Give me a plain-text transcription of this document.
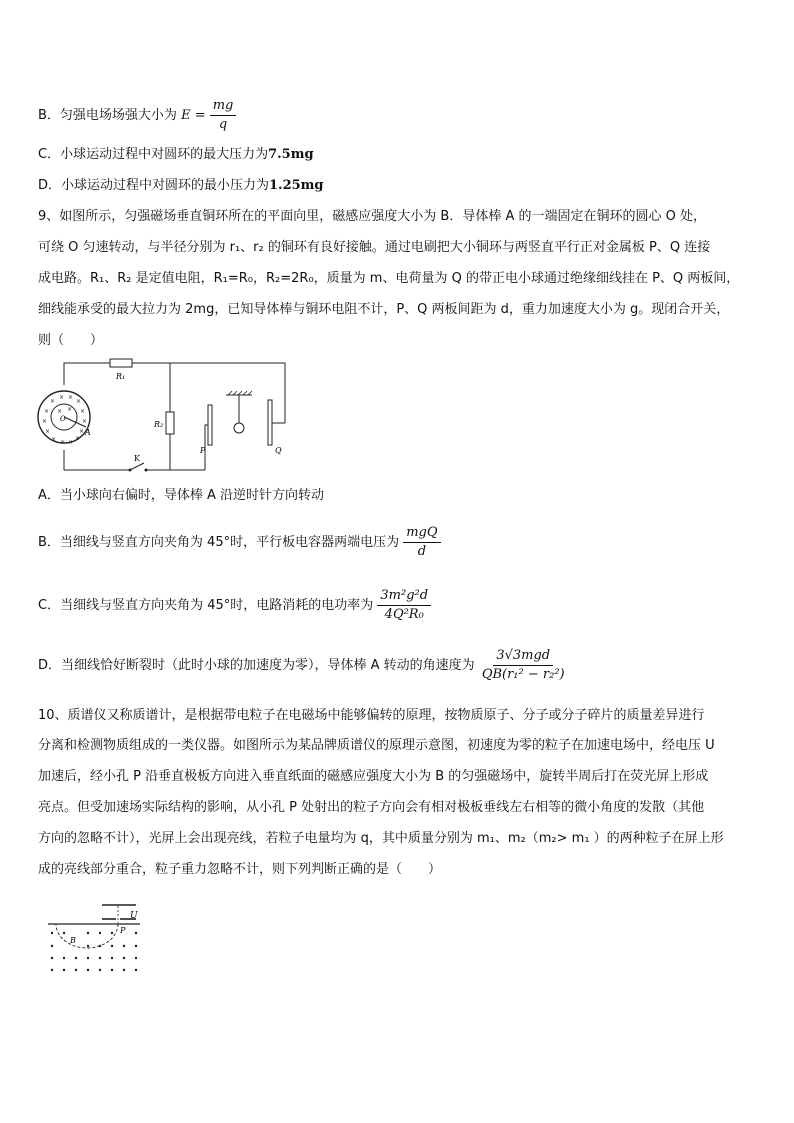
B．匀强电场场强大小为 $E = \frac{mg}{q}$
C．小球运动过程中对圆环的最大压力为7.5mg
D．小球运动过程中对圆环的最小压力为1.25mg
9、如图所示，匀强磁场垂直铜环所在的平面向里，磁感应强度大小为 B．导体棒 A 的一端固定在铜环的圆心 O 处，
可绕 O 匀速转动，与半径分别为 r₁、r₂ 的铜环有良好接触。通过电刷把大小铜环与两竖直平行正对金属板 P、Q 连接
成电路。R₁、R₂ 是定值电阻，R₁=R₀，R₂=2R₀，质量为 m、电荷量为 Q 的带正电小球通过绝缘细线挂在 P、Q 两板间，
细线能承受的最大拉力为 2mg，已知导体棒与铜环电阻不计，P、Q 两板间距为 d，重力加速度大小为 g。现闭合开关，
则（　　）
R₁
R₂
K
P	Q
A
O
×
× ×
×
×	×
×	×
×	×
× × ×
×
× ×
A．当小球向右偏时，导体棒 A 沿逆时针方向转动
B．当细线与竖直方向夹角为 45°时，平行板电容器两端电压为 $\frac{\text{mgQ}}{d}$
C．当细线与竖直方向夹角为 45°时，电路消耗的电功率为 $\frac{\text{3m²g²d}}{\text{4Q²R₀}}$
D．当细线恰好断裂时（此时小球的加速度为零），导体棒 A 转动的角速度为 $\frac{\text{3√3mgd}}{\text{QB(r₁² − r₂²)}}$
10、质谱仪又称质谱计，是根据带电粒子在电磁场中能够偏转的原理，按物质原子、分子或分子碎片的质量差异进行
分离和检测物质组成的一类仪器。如图所示为某品牌质谱仪的原理示意图，初速度为零的粒子在加速电场中，经电压 U
加速后，经小孔 P 沿垂直极板方向进入垂直纸面的磁感应强度大小为 B 的匀强磁场中，旋转半周后打在荧光屏上形成
亮点。但受加速场实际结构的影响，从小孔 P 处射出的粒子方向会有相对极板垂线左右相等的微小角度的发散（其他
方向的忽略不计），光屏上会出现亮线，若粒子电量均为 q，其中质量分别为 m₁、m₂（m₂> m₁ ）的两种粒子在屏上形
成的亮线部分重合，粒子重力忽略不计，则下列判断正确的是（　　）
U
P
B
